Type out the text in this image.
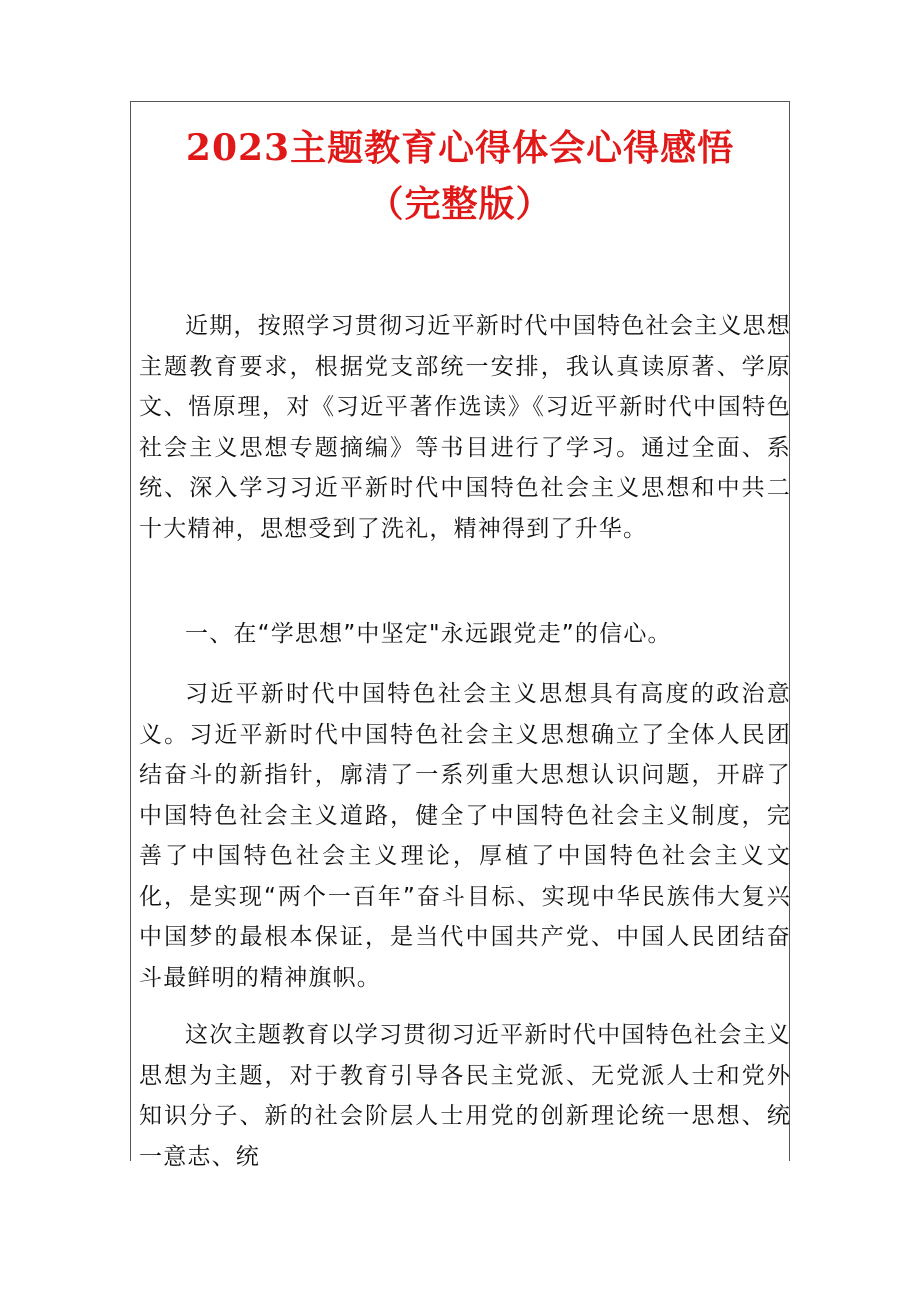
2023主题教育心得体会心得感悟
（完整版）

近期，按照学习贯彻习近平新时代中国特色社会主义思想主题教育要求，根据党支部统一安排，我认真读原著、学原文、悟原理，对《习近平著作选读》《习近平新时代中国特色社会主义思想专题摘编》等书目进行了学习。通过全面、系统、深入学习习近平新时代中国特色社会主义思想和中共二十大精神，思想受到了洗礼，精神得到了升华。

一、在“学思想”中坚定"永远跟党走”的信心。

习近平新时代中国特色社会主义思想具有高度的政治意义。习近平新时代中国特色社会主义思想确立了全体人民团结奋斗的新指针，廓清了一系列重大思想认识问题，开辟了中国特色社会主义道路，健全了中国特色社会主义制度，完善了中国特色社会主义理论，厚植了中国特色社会主义文化，是实现“两个一百年”奋斗目标、实现中华民族伟大复兴中国梦的最根本保证，是当代中国共产党、中国人民团结奋斗最鲜明的精神旗帜。

这次主题教育以学习贯彻习近平新时代中国特色社会主义思想为主题，对于教育引导各民主党派、无党派人士和党外知识分子、新的社会阶层人士用党的创新理论统一思想、统一意志、统
